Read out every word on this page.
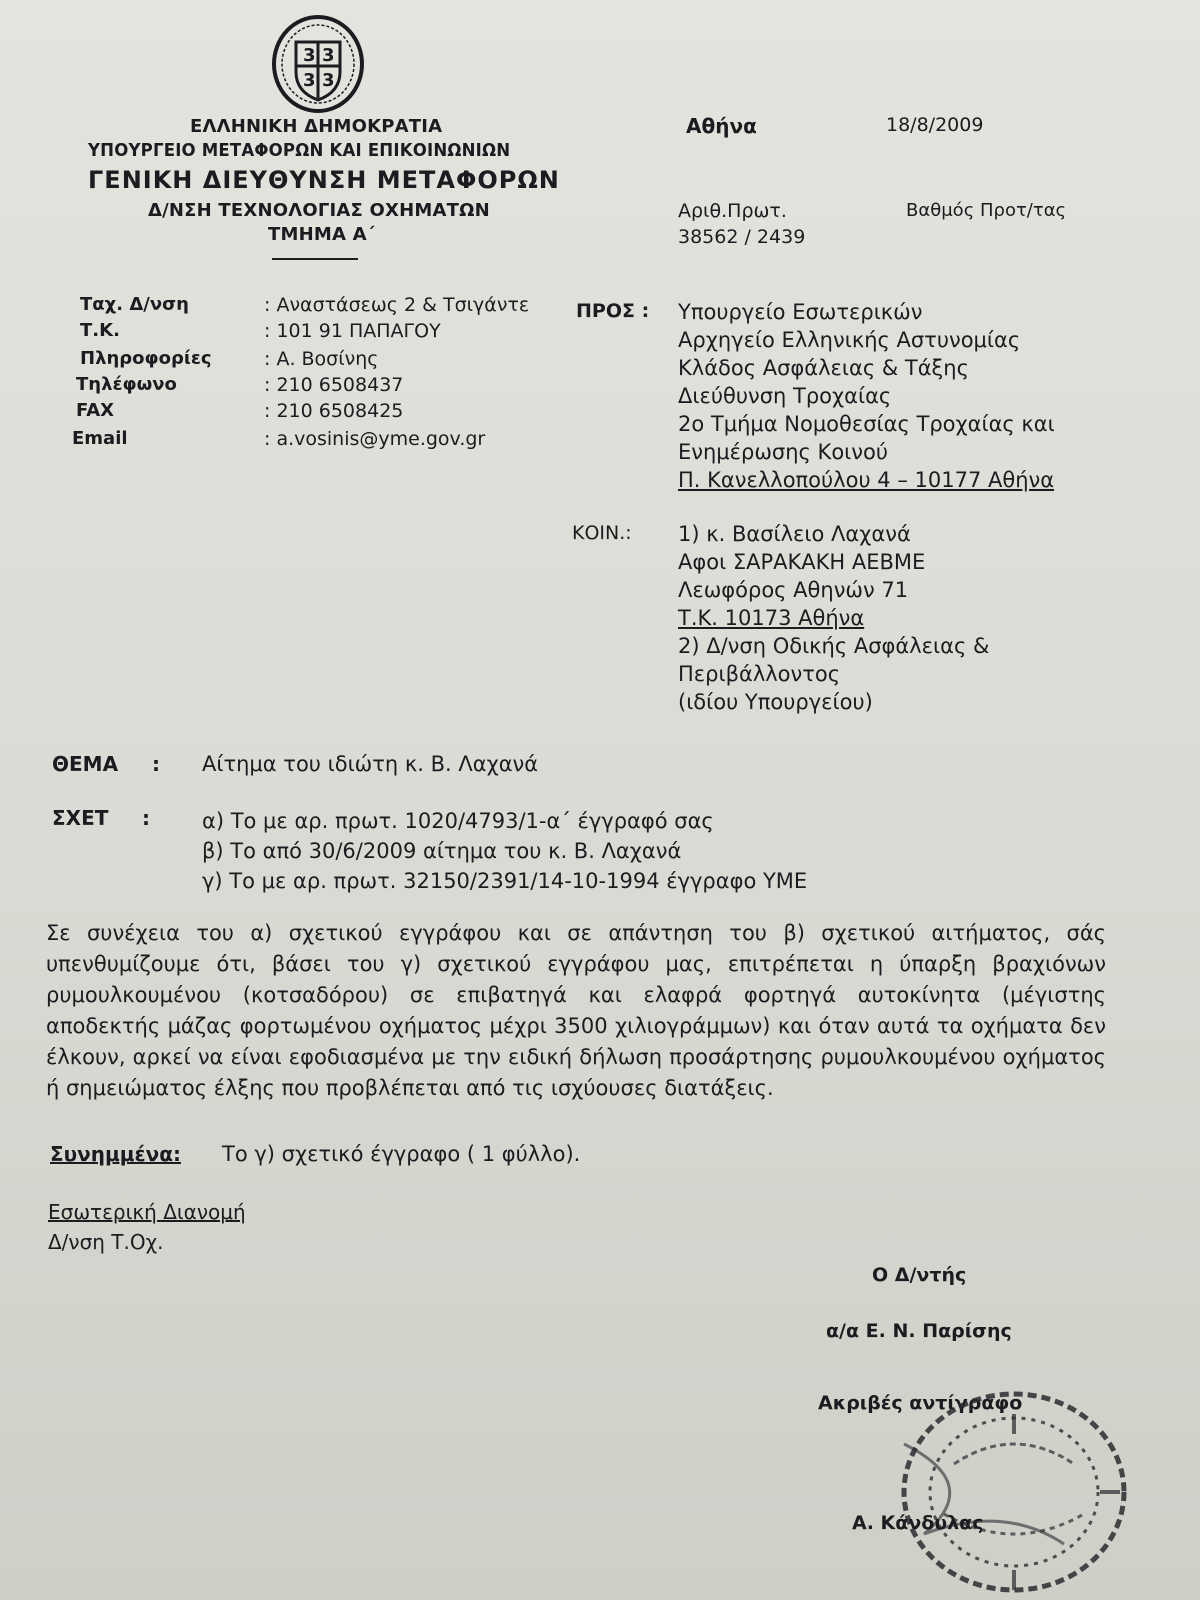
3 3
3 3
ΕΛΛΗΝΙΚΗ ΔΗΜΟΚΡΑΤΙΑ
ΥΠΟΥΡΓΕΙΟ ΜΕΤΑΦΟΡΩΝ ΚΑΙ ΕΠΙΚΟΙΝΩΝΙΩΝ
ΓΕΝΙΚΗ ΔΙΕΥΘΥΝΣΗ ΜΕΤΑΦΟΡΩΝ
Δ/ΝΣΗ ΤΕΧΝΟΛΟΓΙΑΣ ΟΧΗΜΑΤΩΝ
ΤΜΗΜΑ Α΄
Αθήνα	18/8/2009
Αριθ.Πρωτ.
38562 / 2439
Βαθμός Προτ/τας
Ταχ. Δ/νση	: Αναστάσεως 2 & Τσιγάντε
Τ.Κ.	: 101 91 ΠΑΠΑΓΟΥ
Πληροφορίες	: Α. Βοσίνης
Τηλέφωνο	: 210 6508437
FAX	: 210 6508425
Email	: a.vosinis@yme.gov.gr
ΠΡΟΣ : Υπουργείο Εσωτερικών
Αρχηγείο Ελληνικής Αστυνομίας
Κλάδος Ασφάλειας & Τάξης
Διεύθυνση Τροχαίας
2ο Τμήμα Νομοθεσίας Τροχαίας και
Ενημέρωσης Κοινού
Π. Κανελλοπούλου 4 – 10177 Αθήνα
ΚΟΙΝ.: 1) κ. Βασίλειο Λαχανά
Αφοι ΣΑΡΑΚΑΚΗ ΑΕΒΜΕ
Λεωφόρος Αθηνών 71
Τ.Κ. 10173 Αθήνα
2) Δ/νση Οδικής Ασφάλειας &
Περιβάλλοντος
(ιδίου Υπουργείου)
ΘΕΜΑ : Αίτημα του ιδιώτη κ. Β. Λαχανά
ΣΧΕΤ : α) Το με αρ. πρωτ. 1020/4793/1-α΄ έγγραφό σας
β) Το από 30/6/2009 αίτημα του κ. Β. Λαχανά
γ) Το με αρ. πρωτ. 32150/2391/14-10-1994 έγγραφο ΥΜΕ
Σε συνέχεια του α) σχετικού εγγράφου και σε απάντηση του β) σχετικού αιτήματος, σάς υπενθυμίζουμε ότι, βάσει του γ) σχετικού εγγράφου μας, επιτρέπεται η ύπαρξη βραχιόνων ρυμουλκουμένου (κοτσαδόρου) σε επιβατηγά και ελαφρά φορτηγά αυτοκίνητα (μέγιστης αποδεκτής μάζας φορτωμένου οχήματος μέχρι 3500 χιλιογράμμων) και όταν αυτά τα οχήματα δεν έλκουν, αρκεί να είναι εφοδιασμένα με την ειδική δήλωση προσάρτησης ρυμουλκουμένου οχήματος ή σημειώματος έλξης που προβλέπεται από τις ισχύουσες διατάξεις.
Συνημμένα: Το γ) σχετικό έγγραφο ( 1 φύλλο).
Εσωτερική Διανομή
Δ/νση Τ.Οχ.
Ο Δ/ντής
α/α Ε. Ν. Παρίσης
Ακριβές αντίγραφο
Α. Κάνδυλας
